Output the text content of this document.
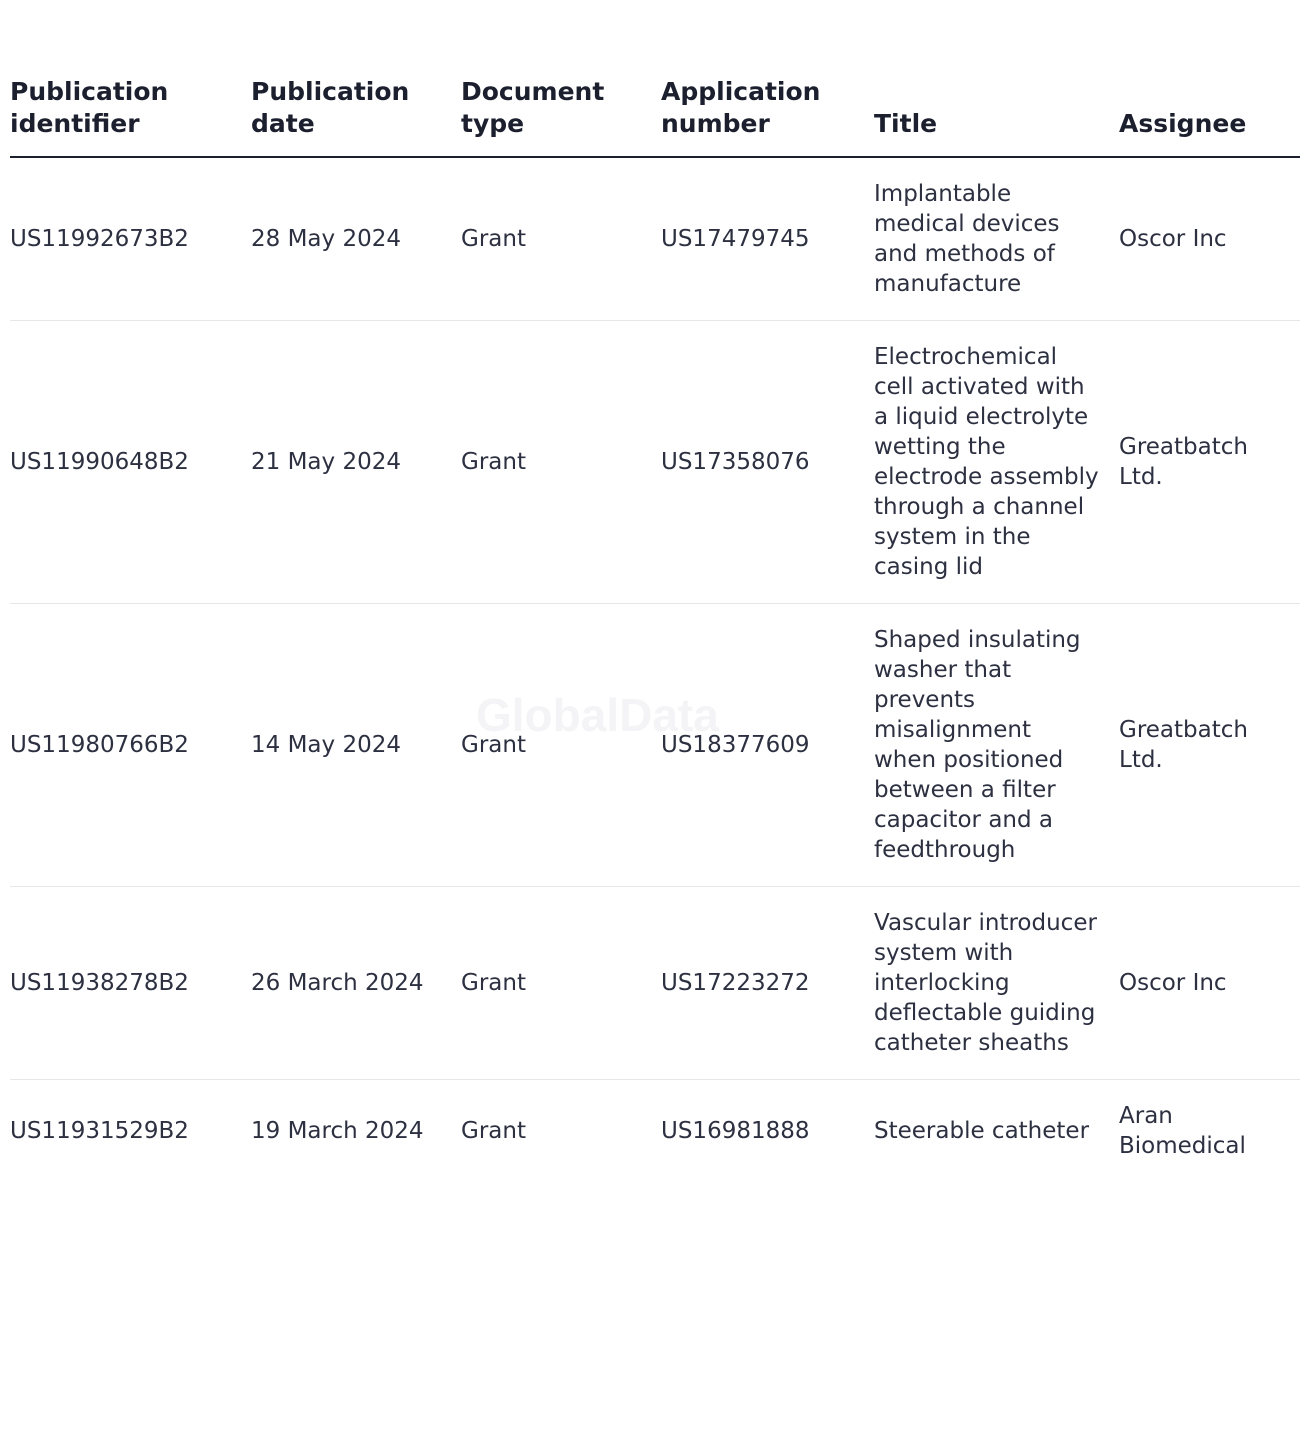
GlobalData
Publication identifier	Publication date	Document type	Application number	Title	Assignee
US11992673B2	28 May 2024	Grant	US17479745	Implantable medical devices and methods of manufacture	Oscor Inc
US11990648B2	21 May 2024	Grant	US17358076	Electrochemical cell activated with a liquid electrolyte wetting the electrode assembly through a channel system in the casing lid	Greatbatch Ltd.
US11980766B2	14 May 2024	Grant	US18377609	Shaped insulating washer that prevents misalignment when positioned between a filter capacitor and a feedthrough	Greatbatch Ltd.
US11938278B2	26 March 2024	Grant	US17223272	Vascular introducer system with interlocking deflectable guiding catheter sheaths	Oscor Inc
US11931529B2	19 March 2024	Grant	US16981888	Steerable catheter	Aran Biomedical
